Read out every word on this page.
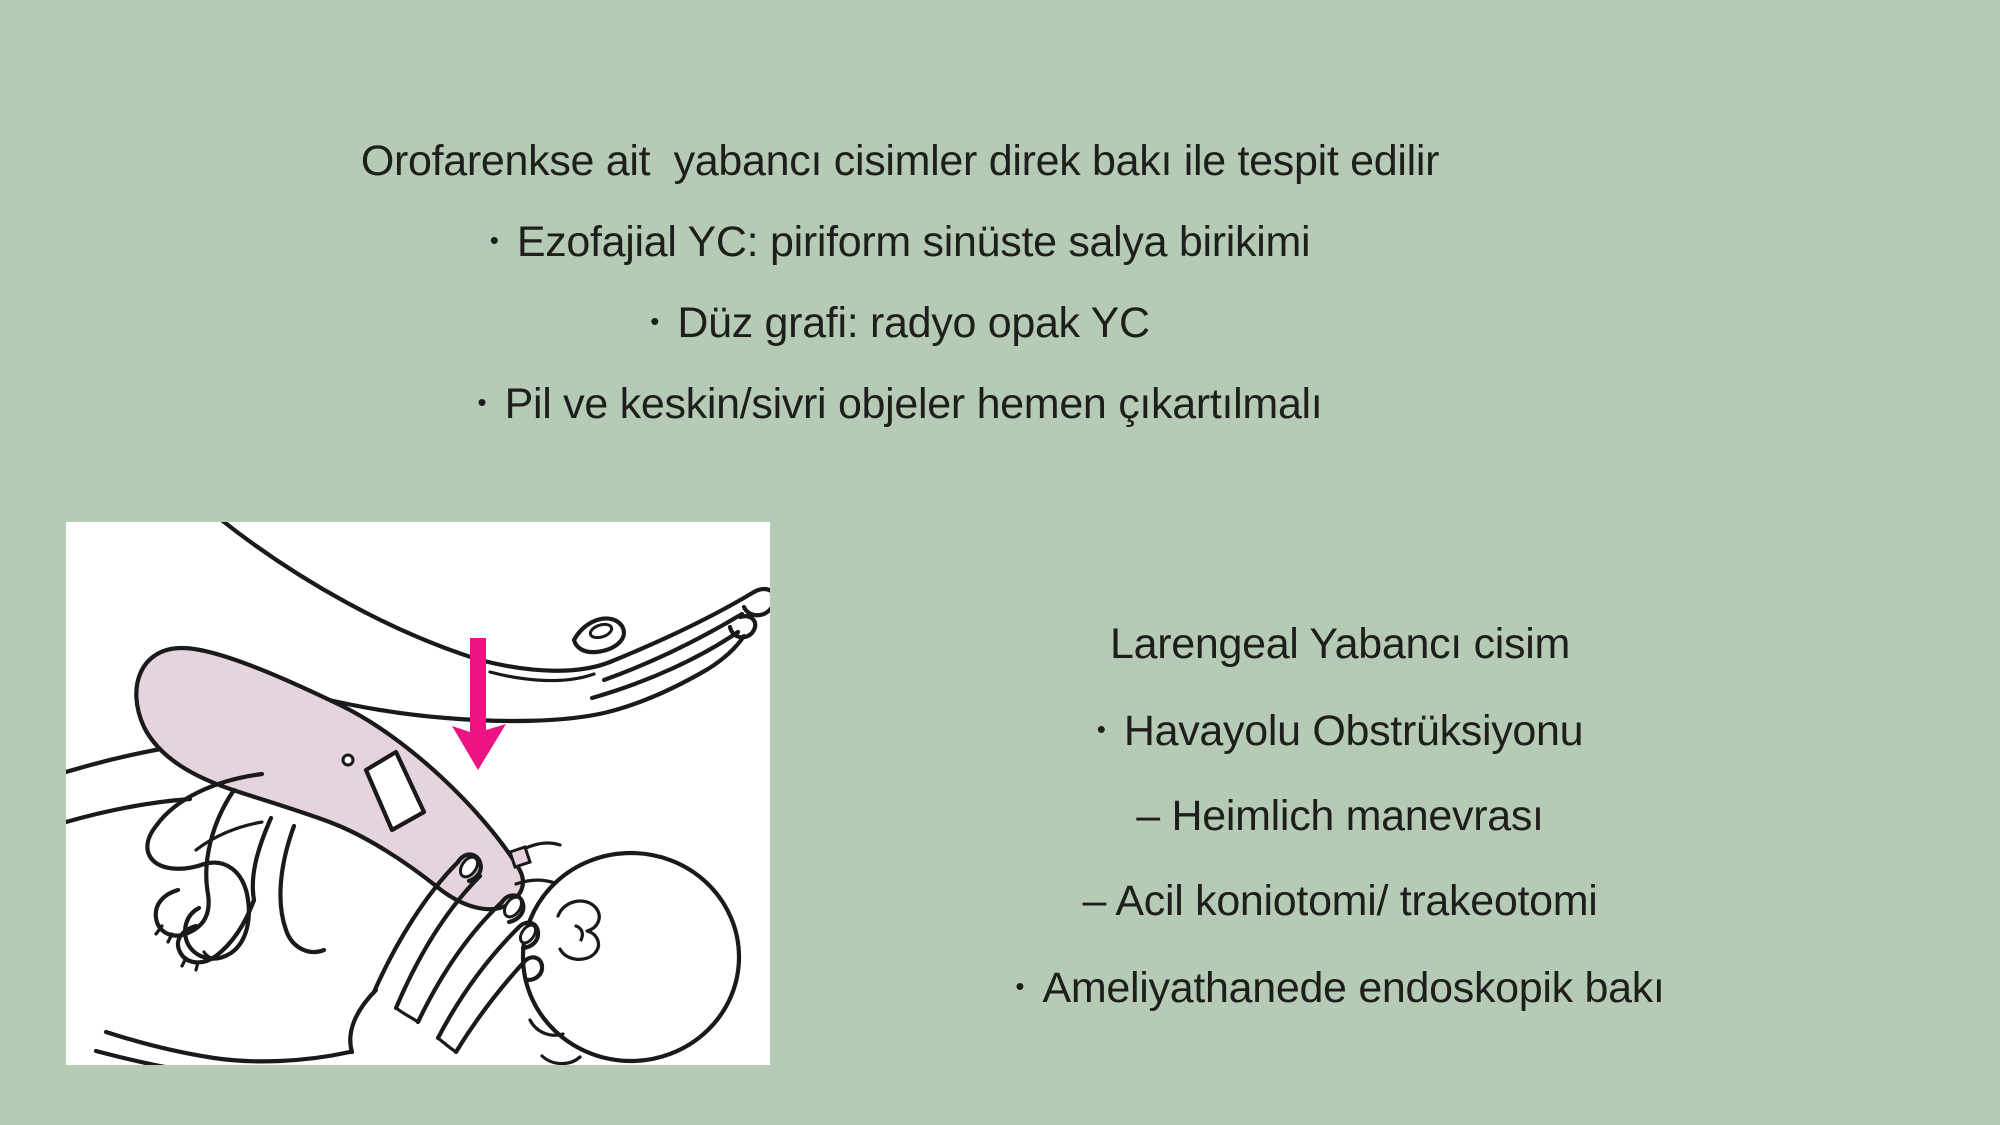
Orofarenkse ait  yabancı cisimler direk bakı ile tespit edilir
• Ezofajial YC: piriform sinüste salya birikimi
• Düz grafi: radyo opak YC
• Pil ve keskin/sivri objeler hemen çıkartılmalı
Larengeal Yabancı cisim
• Havayolu Obstrüksiyonu
– Heimlich manevrası
– Acil koniotomi/ trakeotomi
• Ameliyathanede endoskopik bakı
